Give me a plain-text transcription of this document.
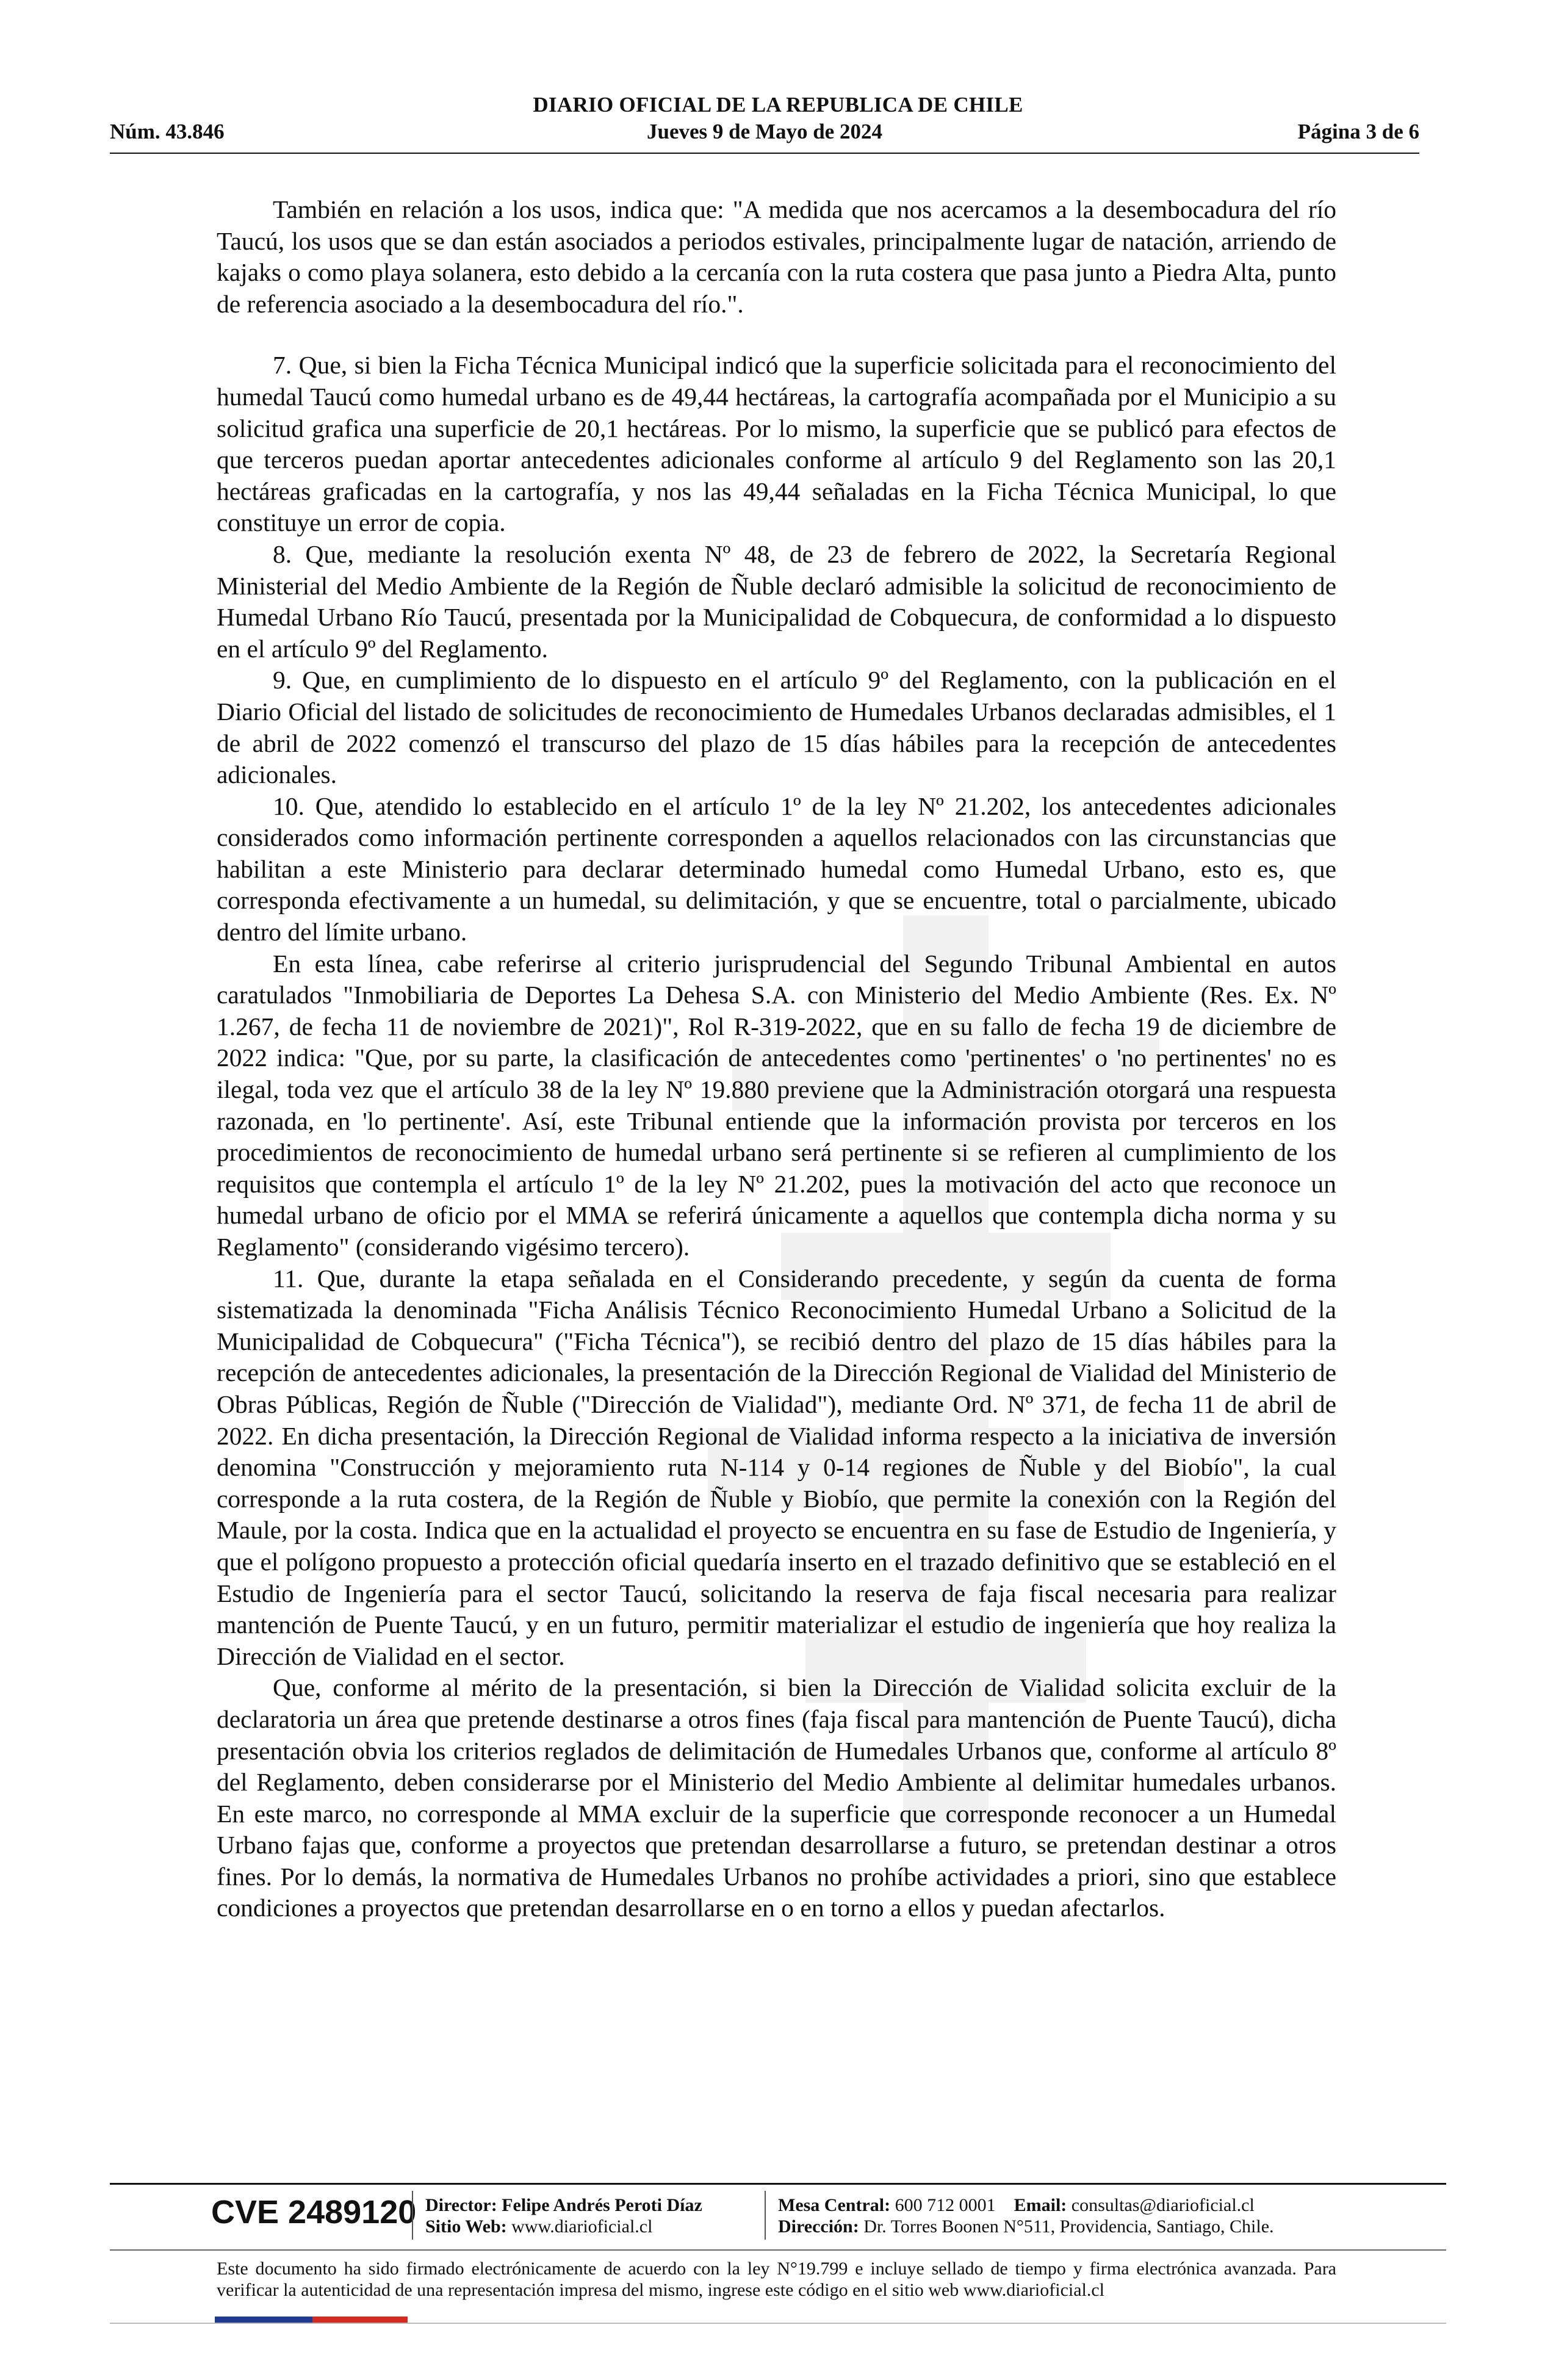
DIARIO OFICIAL DE LA REPUBLICA DE CHILE
Jueves 9 de Mayo de 2024
Núm. 43.846	Página 3 de 6

También en relación a los usos, indica que: "A medida que nos acercamos a la desembocadura del río Taucú, los usos que se dan están asociados a periodos estivales, principalmente lugar de natación, arriendo de kajaks o como playa solanera, esto debido a la cercanía con la ruta costera que pasa junto a Piedra Alta, punto de referencia asociado a la desembocadura del río.".

7. Que, si bien la Ficha Técnica Municipal indicó que la superficie solicitada para el reconocimiento del humedal Taucú como humedal urbano es de 49,44 hectáreas, la cartografía acompañada por el Municipio a su solicitud grafica una superficie de 20,1 hectáreas. Por lo mismo, la superficie que se publicó para efectos de que terceros puedan aportar antecedentes adicionales conforme al artículo 9 del Reglamento son las 20,1 hectáreas graficadas en la cartografía, y nos las 49,44 señaladas en la Ficha Técnica Municipal, lo que constituye un error de copia.

8. Que, mediante la resolución exenta Nº 48, de 23 de febrero de 2022, la Secretaría Regional Ministerial del Medio Ambiente de la Región de Ñuble declaró admisible la solicitud de reconocimiento de Humedal Urbano Río Taucú, presentada por la Municipalidad de Cobquecura, de conformidad a lo dispuesto en el artículo 9º del Reglamento.

9. Que, en cumplimiento de lo dispuesto en el artículo 9º del Reglamento, con la publicación en el Diario Oficial del listado de solicitudes de reconocimiento de Humedales Urbanos declaradas admisibles, el 1 de abril de 2022 comenzó el transcurso del plazo de 15 días hábiles para la recepción de antecedentes adicionales.

10. Que, atendido lo establecido en el artículo 1º de la ley Nº 21.202, los antecedentes adicionales considerados como información pertinente corresponden a aquellos relacionados con las circunstancias que habilitan a este Ministerio para declarar determinado humedal como Humedal Urbano, esto es, que corresponda efectivamente a un humedal, su delimitación, y que se encuentre, total o parcialmente, ubicado dentro del límite urbano.

En esta línea, cabe referirse al criterio jurisprudencial del Segundo Tribunal Ambiental en autos caratulados "Inmobiliaria de Deportes La Dehesa S.A. con Ministerio del Medio Ambiente (Res. Ex. Nº 1.267, de fecha 11 de noviembre de 2021)", Rol R-319-2022, que en su fallo de fecha 19 de diciembre de 2022 indica: "Que, por su parte, la clasificación de antecedentes como 'pertinentes' o 'no pertinentes' no es ilegal, toda vez que el artículo 38 de la ley Nº 19.880 previene que la Administración otorgará una respuesta razonada, en 'lo pertinente'. Así, este Tribunal entiende que la información provista por terceros en los procedimientos de reconocimiento de humedal urbano será pertinente si se refieren al cumplimiento de los requisitos que contempla el artículo 1º de la ley Nº 21.202, pues la motivación del acto que reconoce un humedal urbano de oficio por el MMA se referirá únicamente a aquellos que contempla dicha norma y su Reglamento" (considerando vigésimo tercero).

11. Que, durante la etapa señalada en el Considerando precedente, y según da cuenta de forma sistematizada la denominada "Ficha Análisis Técnico Reconocimiento Humedal Urbano a Solicitud de la Municipalidad de Cobquecura" ("Ficha Técnica"), se recibió dentro del plazo de 15 días hábiles para la recepción de antecedentes adicionales, la presentación de la Dirección Regional de Vialidad del Ministerio de Obras Públicas, Región de Ñuble ("Dirección de Vialidad"), mediante Ord. Nº 371, de fecha 11 de abril de 2022. En dicha presentación, la Dirección Regional de Vialidad informa respecto a la iniciativa de inversión denomina "Construcción y mejoramiento ruta N-114 y 0-14 regiones de Ñuble y del Biobío", la cual corresponde a la ruta costera, de la Región de Ñuble y Biobío, que permite la conexión con la Región del Maule, por la costa. Indica que en la actualidad el proyecto se encuentra en su fase de Estudio de Ingeniería, y que el polígono propuesto a protección oficial quedaría inserto en el trazado definitivo que se estableció en el Estudio de Ingeniería para el sector Taucú, solicitando la reserva de faja fiscal necesaria para realizar mantención de Puente Taucú, y en un futuro, permitir materializar el estudio de ingeniería que hoy realiza la Dirección de Vialidad en el sector.

Que, conforme al mérito de la presentación, si bien la Dirección de Vialidad solicita excluir de la declaratoria un área que pretende destinarse a otros fines (faja fiscal para mantención de Puente Taucú), dicha presentación obvia los criterios reglados de delimitación de Humedales Urbanos que, conforme al artículo 8º del Reglamento, deben considerarse por el Ministerio del Medio Ambiente al delimitar humedales urbanos. En este marco, no corresponde al MMA excluir de la superficie que corresponde reconocer a un Humedal Urbano fajas que, conforme a proyectos que pretendan desarrollarse a futuro, se pretendan destinar a otros fines. Por lo demás, la normativa de Humedales Urbanos no prohíbe actividades a priori, sino que establece condiciones a proyectos que pretendan desarrollarse en o en torno a ellos y puedan afectarlos.

CVE 2489120 Director: Felipe Andrés Peroti Díaz
Sitio Web: www.diarioficial.cl
Mesa Central: 600 712 0001 Email: consultas@diarioficial.cl
Dirección: Dr. Torres Boonen N°511, Providencia, Santiago, Chile.

Este documento ha sido firmado electrónicamente de acuerdo con la ley N°19.799 e incluye sellado de tiempo y firma electrónica avanzada. Para verificar la autenticidad de una representación impresa del mismo, ingrese este código en el sitio web www.diarioficial.cl
